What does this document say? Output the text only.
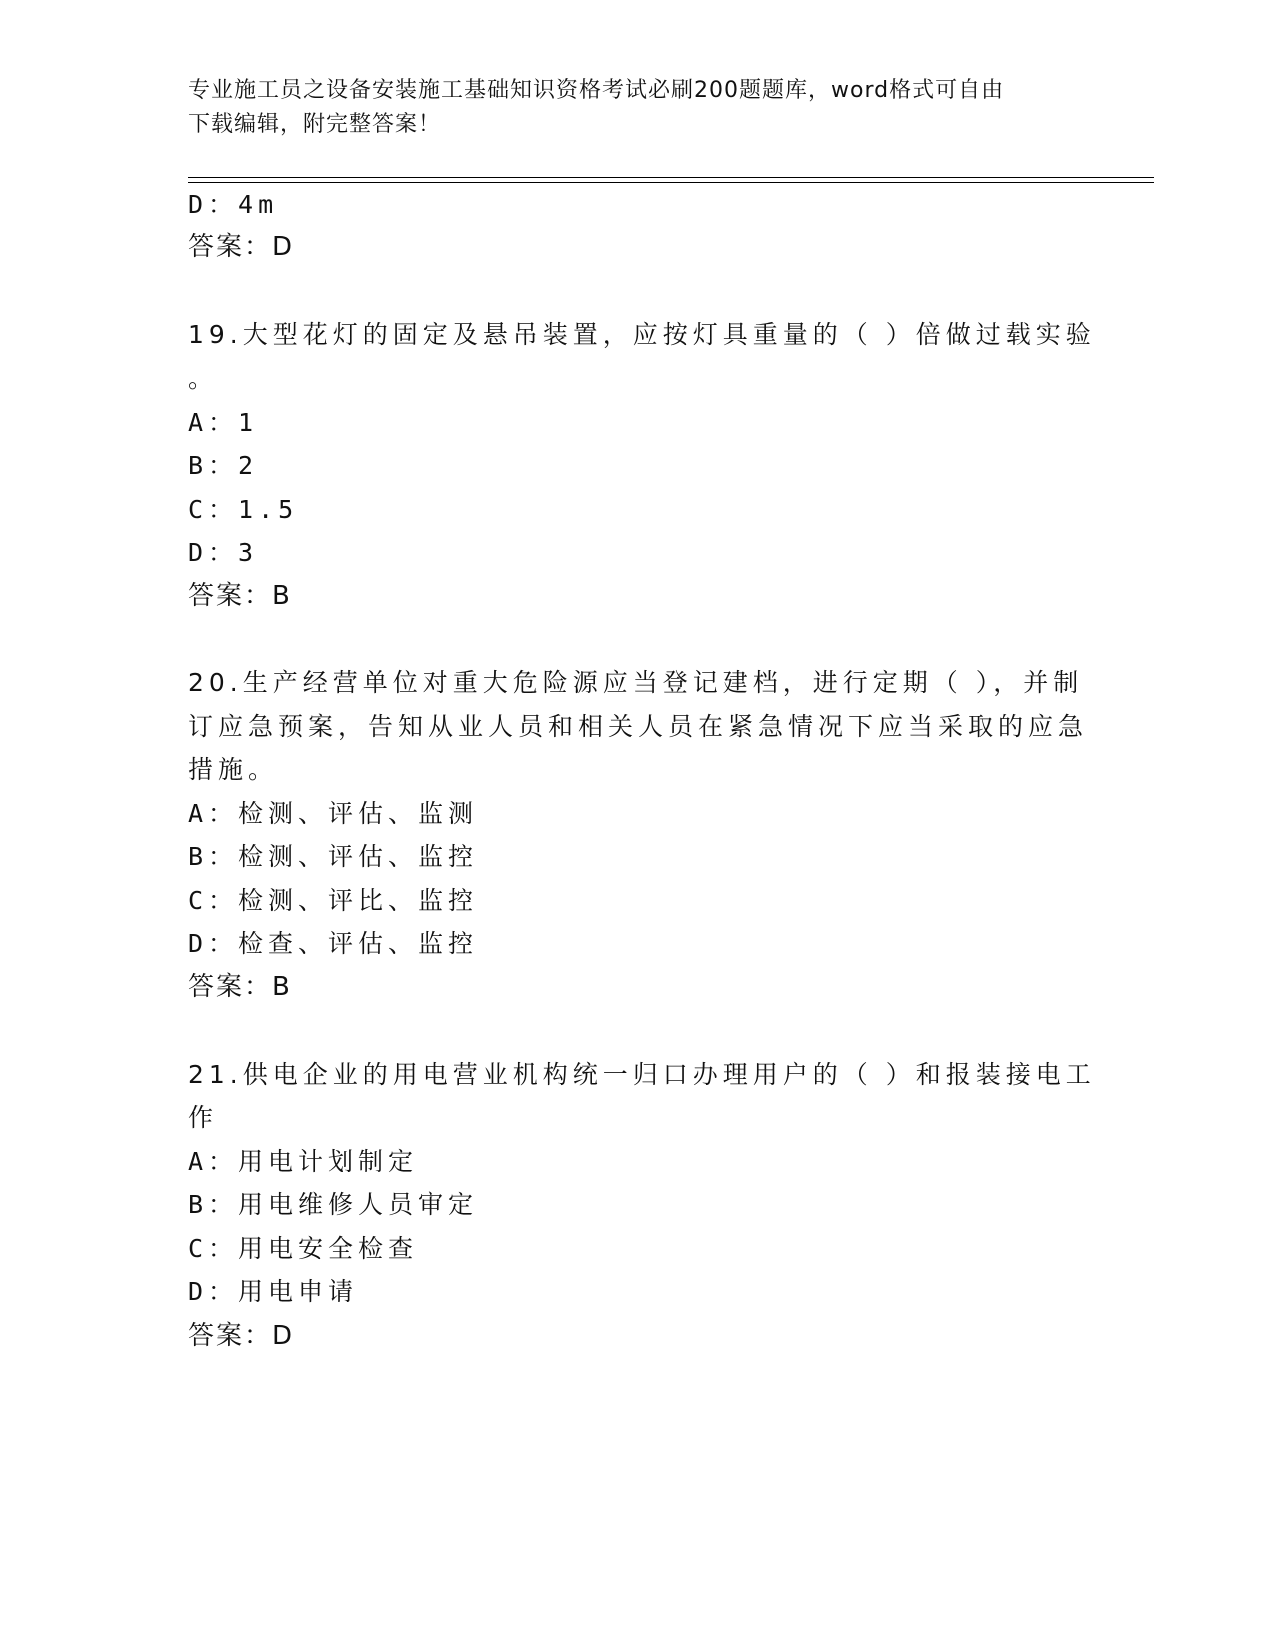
专业施工员之设备安装施工基础知识资格考试必刷200题题库，word格式可自由
下载编辑，附完整答案！
D：4m
答案：D
19.大型花灯的固定及悬吊装置，应按灯具重量的（ ）倍做过载实验
。
A：1
B：2
C：1.5
D：3
答案：B
20.生产经营单位对重大危险源应当登记建档，进行定期（ ），并制
订应急预案，告知从业人员和相关人员在紧急情况下应当采取的应急
措施。
A：检测、评估、监测
B：检测、评估、监控
C：检测、评比、监控
D：检查、评估、监控
答案：B
21.供电企业的用电营业机构统一归口办理用户的（ ）和报装接电工
作
A：用电计划制定
B：用电维修人员审定
C：用电安全检查
D：用电申请
答案：D
